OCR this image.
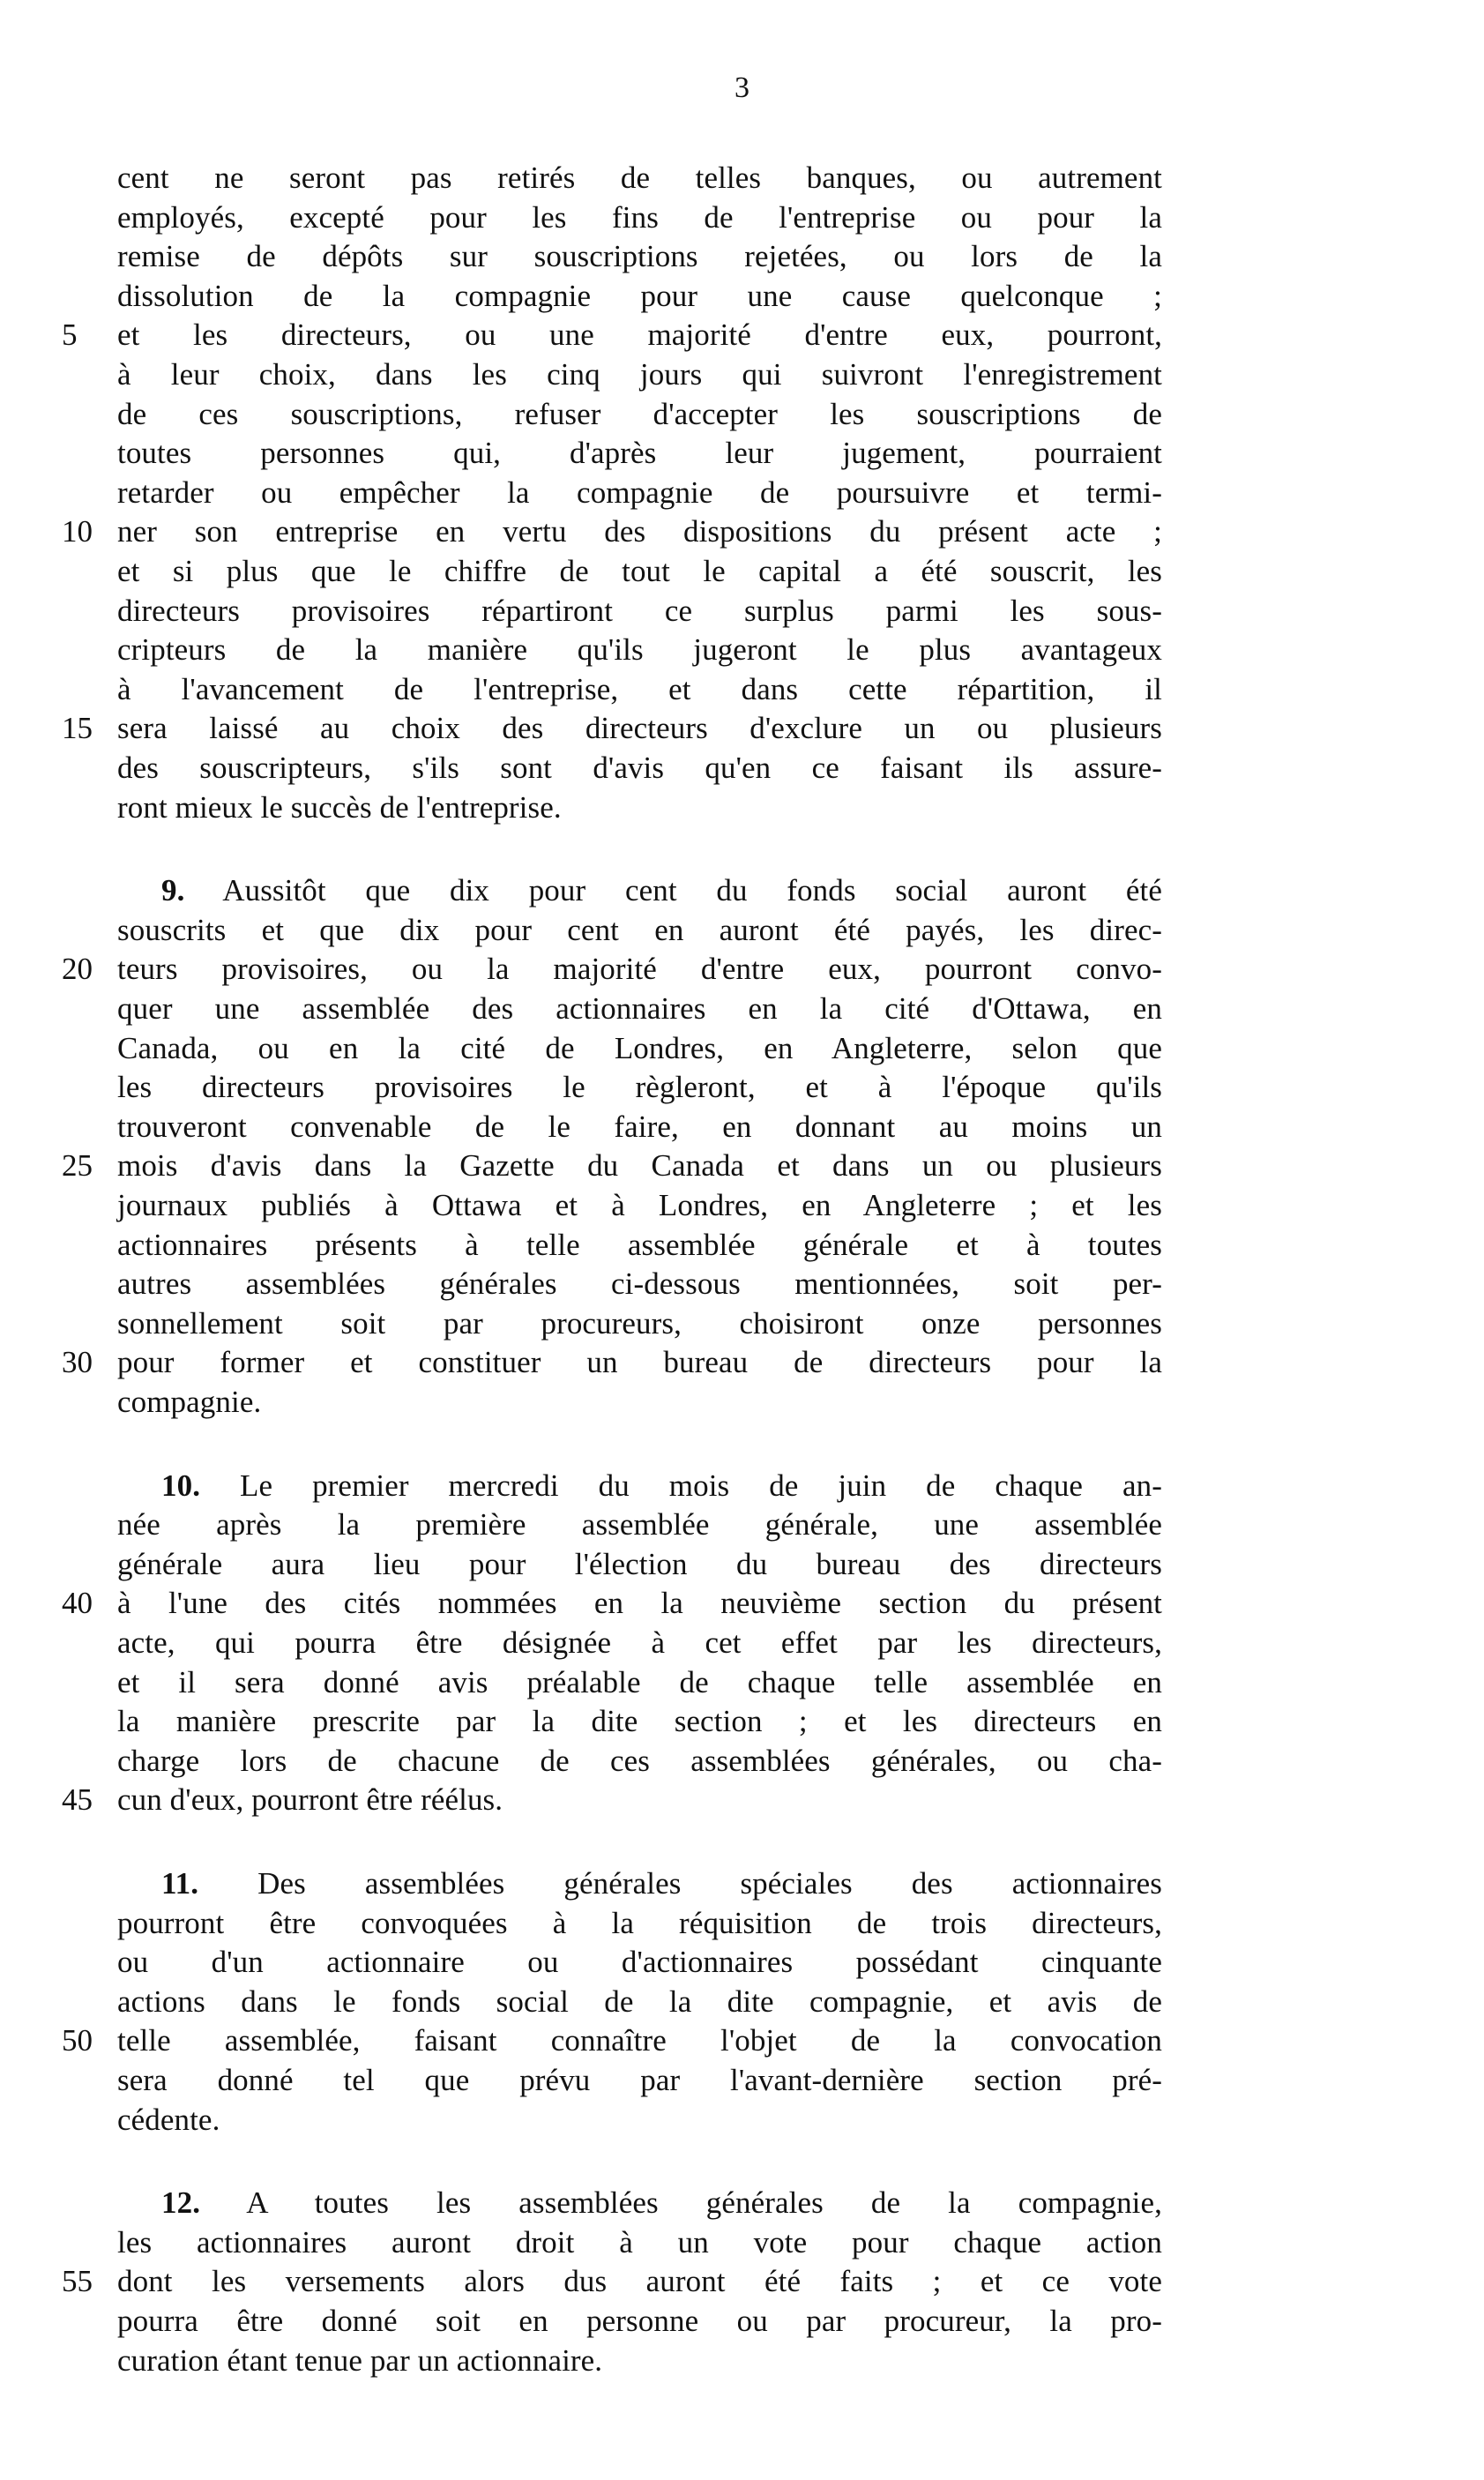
3
cent ne seront pas retirés de telles banques, ou autrement
employés, excepté pour les fins de l'entreprise ou pour la
remise de dépôts sur souscriptions rejetées, ou lors de la
dissolution de la compagnie pour une cause quelconque ;
5	et les directeurs, ou une majorité d'entre eux, pourront,
à leur choix, dans les cinq jours qui suivront l'enregistrement
de ces souscriptions, refuser d'accepter les souscriptions de
toutes personnes qui, d'après leur jugement, pourraient
retarder ou empêcher la compagnie de poursuivre et termi-
10 ner son entreprise en vertu des dispositions du présent acte ;
et si plus que le chiffre de tout le capital a été souscrit, les
directeurs provisoires répartiront ce surplus parmi les sous-
cripteurs de la manière qu'ils jugeront le plus avantageux
à l'avancement de l'entreprise, et dans cette répartition, il
15 sera laissé au choix des directeurs d'exclure un ou plusieurs
des souscripteurs, s'ils sont d'avis qu'en ce faisant ils assure-
ront mieux le succès de l'entreprise.
9. Aussitôt que dix pour cent du fonds social auront été
souscrits et que dix pour cent en auront été payés, les direc-
20 teurs provisoires, ou la majorité d'entre eux, pourront convo-
quer une assemblée des actionnaires en la cité d'Ottawa, en
Canada, ou en la cité de Londres, en Angleterre, selon que
les directeurs provisoires le règleront, et à l'époque qu'ils
trouveront convenable de le faire, en donnant au moins un
25 mois d'avis dans la Gazette du Canada et dans un ou plusieurs
journaux publiés à Ottawa et à Londres, en Angleterre ; et les
actionnaires présents à telle assemblée générale et à toutes
autres assemblées générales ci-dessous mentionnées, soit per-
sonnellement soit par procureurs, choisiront onze personnes
30 pour former et constituer un bureau de directeurs pour la
compagnie.
10. Le premier mercredi du mois de juin de chaque an-
née après la première assemblée générale, une assemblée
générale aura lieu pour l'élection du bureau des directeurs
40 à l'une des cités nommées en la neuvième section du présent
acte, qui pourra être désignée à cet effet par les directeurs,
et il sera donné avis préalable de chaque telle assemblée en
la manière prescrite par la dite section ; et les directeurs en
charge lors de chacune de ces assemblées générales, ou cha-
45 cun d'eux, pourront être réélus.
11. Des assemblées générales spéciales des actionnaires
pourront être convoquées à la réquisition de trois directeurs,
ou d'un actionnaire ou d'actionnaires possédant cinquante
actions dans le fonds social de la dite compagnie, et avis de
50 telle assemblée, faisant connaître l'objet de la convocation
sera donné tel que prévu par l'avant-dernière section pré-
cédente.
12. A toutes les assemblées générales de la compagnie,
les actionnaires auront droit à un vote pour chaque action
55 dont les versements alors dus auront été faits ; et ce vote
pourra être donné soit en personne ou par procureur, la pro-
curation étant tenue par un actionnaire.
